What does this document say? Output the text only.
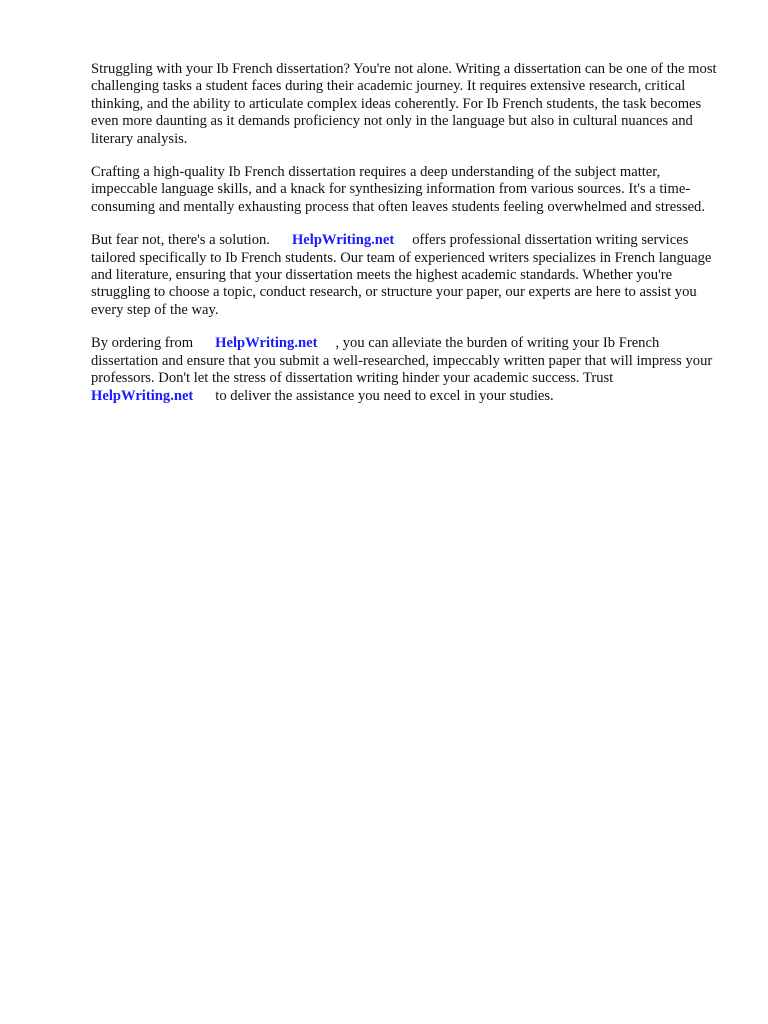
Struggling with your Ib French dissertation? You're not alone. Writing a dissertation can be one of the most challenging tasks a student faces during their academic journey. It requires extensive research, critical thinking, and the ability to articulate complex ideas coherently. For Ib French students, the task becomes even more daunting as it demands proficiency not only in the language but also in cultural nuances and literary analysis.

Crafting a high-quality Ib French dissertation requires a deep understanding of the subject matter, impeccable language skills, and a knack for synthesizing information from various sources. It's a time-consuming and mentally exhausting process that often leaves students feeling overwhelmed and stressed.

But fear not, there's a solution. HelpWriting.net offers professional dissertation writing services tailored specifically to Ib French students. Our team of experienced writers specializes in French language and literature, ensuring that your dissertation meets the highest academic standards. Whether you're struggling to choose a topic, conduct research, or structure your paper, our experts are here to assist you every step of the way.

By ordering from HelpWriting.net , you can alleviate the burden of writing your Ib French dissertation and ensure that you submit a well-researched, impeccably written paper that will impress your professors. Don't let the stress of dissertation writing hinder your academic success. Trust HelpWriting.net to deliver the assistance you need to excel in your studies.
